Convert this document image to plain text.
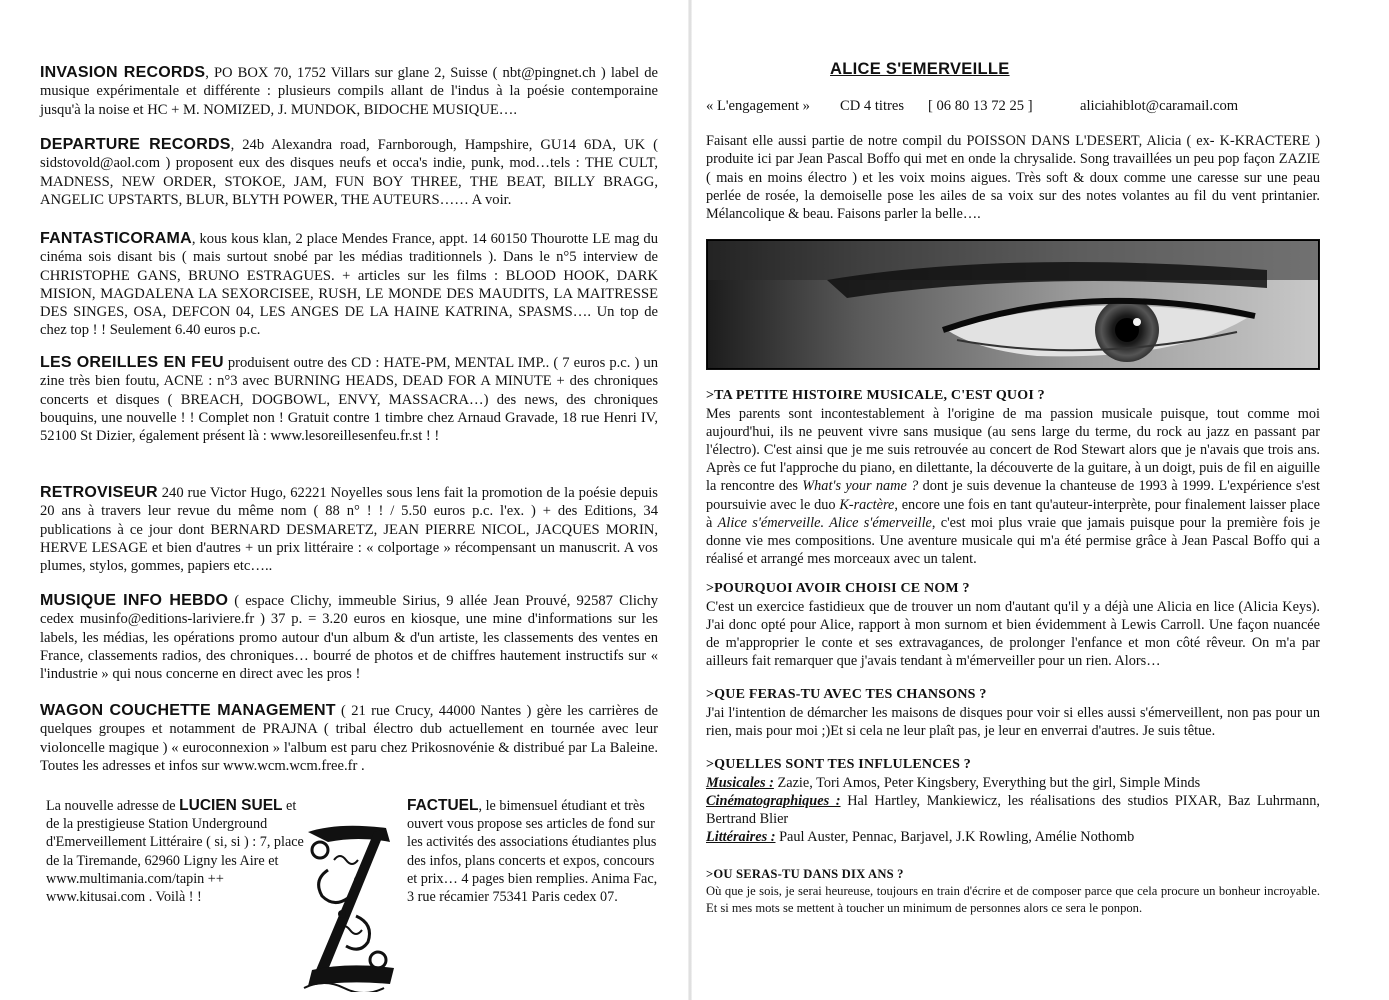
INVASION RECORDS, PO BOX 70, 1752 Villars sur glane 2, Suisse ( nbt@pingnet.ch ) label de musique expérimentale et différente : plusieurs compils allant de l'indus à la poésie contemporaine jusqu'à la noise et HC + M. NOMIZED, J. MUNDOK, BIDOCHE MUSIQUE….
DEPARTURE RECORDS, 24b Alexandra road, Farnborough, Hampshire, GU14 6DA, UK ( sidstovold@aol.com ) proposent eux des disques neufs et occa's indie, punk, mod…tels : THE CULT, MADNESS, NEW ORDER, STOKOE, JAM, FUN BOY THREE, THE BEAT, BILLY BRAGG, ANGELIC UPSTARTS, BLUR, BLYTH POWER, THE AUTEURS…… A voir.
FANTASTICORAMA, kous kous klan, 2 place Mendes France, appt. 14 60150 Thourotte LE mag du cinéma sois disant bis ( mais surtout snobé par les médias traditionnels ). Dans le n°5 interview de CHRISTOPHE GANS, BRUNO ESTRAGUES. + articles sur les films : BLOOD HOOK, DARK MISION, MAGDALENA LA SEXORCISEE, RUSH, LE MONDE DES MAUDITS, LA MAITRESSE DES SINGES, OSA, DEFCON 04, LES ANGES DE LA HAINE KATRINA, SPASMS…. Un top de chez top ! ! Seulement 6.40 euros p.c.
LES OREILLES EN FEU produisent outre des CD : HATE-PM, MENTAL IMP.. ( 7 euros p.c. ) un zine très bien foutu, ACNE : n°3 avec BURNING HEADS, DEAD FOR A MINUTE + des chroniques concerts et disques ( BREACH, DOGBOWL, ENVY, MASSACRA…) des news, des chroniques bouquins, une nouvelle ! ! Complet non ! Gratuit contre 1 timbre chez Arnaud Gravade, 18 rue Henri IV, 52100 St Dizier, également présent là : www.lesoreillesenfeu.fr.st ! !
RETROVISEUR 240 rue Victor Hugo, 62221 Noyelles sous lens fait la promotion de la poésie depuis 20 ans à travers leur revue du même nom ( 88 n° ! ! / 5.50 euros p.c. l'ex. ) + des Editions, 34 publications à ce jour dont BERNARD DESMARETZ, JEAN PIERRE NICOL, JACQUES MORIN, HERVE LESAGE et bien d'autres + un prix littéraire : « colportage » récompensant un manuscrit. A vos plumes, stylos, gommes, papiers etc…..
MUSIQUE INFO HEBDO ( espace Clichy, immeuble Sirius, 9 allée Jean Prouvé, 92587 Clichy cedex musinfo@editions-lariviere.fr ) 37 p. = 3.20 euros en kiosque, une mine d'informations sur les labels, les médias, les opérations promo autour d'un album & d'un artiste, les classements des ventes en France, classements radios, des chroniques… bourré de photos et de chiffres hautement instructifs sur « l'industrie » qui nous concerne en direct avec les pros !
WAGON COUCHETTE MANAGEMENT ( 21 rue Crucy, 44000 Nantes ) gère les carrières de quelques groupes et notamment de PRAJNA ( tribal électro dub actuellement en tournée avec leur violoncelle magique ) « euroconnexion » l'album est paru chez Prikosnovénie & distribué par La Baleine. Toutes les adresses et infos sur www.wcm.wcm.free.fr .
La nouvelle adresse de LUCIEN SUEL et de la prestigieuse Station Underground d'Emerveillement Littéraire ( si, si ) : 7, place de la Tiremande, 62960 Ligny les Aire et www.multimania.com/tapin ++ www.kitusai.com . Voilà ! !
FACTUEL, le bimensuel étudiant et très ouvert vous propose ses articles de fond sur les activités des associations étudiantes plus des infos, plans concerts et expos, concours et prix… 4 pages bien remplies. Anima Fac, 3 rue récamier 75341 Paris cedex 07.
ALICE S'EMERVEILLE
« L'engagement » CD 4 titres [ 06 80 13 72 25 ]	aliciahiblot@caramail.com
Faisant elle aussi partie de notre compil du POISSON DANS L'DESERT, Alicia ( ex- K-KRACTERE ) produite ici par Jean Pascal Boffo qui met en onde la chrysalide. Song travaillées un peu pop façon ZAZIE ( mais en moins électro ) et les voix moins aigues. Très soft & doux comme une caresse sur une peau perlée de rosée, la demoiselle pose les ailes de sa voix sur des notes volantes au fil du vent printanier. Mélancolique & beau. Faisons parler la belle….
>TA PETITE HISTOIRE MUSICALE, C'EST QUOI ?
Mes parents sont incontestablement à l'origine de ma passion musicale puisque, tout comme moi aujourd'hui, ils ne peuvent vivre sans musique (au sens large du terme, du rock au jazz en passant par l'électro). C'est ainsi que je me suis retrouvée au concert de Rod Stewart alors que je n'avais que trois ans. Après ce fut l'approche du piano, en dilettante, la découverte de la guitare, à un doigt, puis de fil en aiguille la rencontre des What's your name ? dont je suis devenue la chanteuse de 1993 à 1999. L'expérience s'est poursuivie avec le duo K-ractère, encore une fois en tant qu'auteur-interprète, pour finalement laisser place à Alice s'émerveille. Alice s'émerveille, c'est moi plus vraie que jamais puisque pour la première fois je donne vie mes compositions. Une aventure musicale qui m'a été permise grâce à Jean Pascal Boffo qui a réalisé et arrangé mes morceaux avec un talent.
>POURQUOI AVOIR CHOISI CE NOM ?
C'est un exercice fastidieux que de trouver un nom d'autant qu'il y a déjà une Alicia en lice (Alicia Keys). J'ai donc opté pour Alice, rapport à mon surnom et bien évidemment à Lewis Carroll. Une façon nuancée de m'approprier le conte et ses extravagances, de prolonger l'enfance et mon côté rêveur. On m'a par ailleurs fait remarquer que j'avais tendant à m'émerveiller pour un rien. Alors…
>QUE FERAS-TU AVEC TES CHANSONS ?
J'ai l'intention de démarcher les maisons de disques pour voir si elles aussi s'émerveillent, non pas pour un rien, mais pour moi ;)Et si cela ne leur plaît pas, je leur en enverrai d'autres. Je suis têtue.
>QUELLES SONT TES INFLULENCES ?
Musicales : Zazie, Tori Amos, Peter Kingsbery, Everything but the girl, Simple Minds
Cinématographiques : Hal Hartley, Mankiewicz, les réalisations des studios PIXAR, Baz Luhrmann, Bertrand Blier
Littéraires : Paul Auster, Pennac, Barjavel, J.K Rowling, Amélie Nothomb
>OU SERAS-TU DANS DIX ANS ?
Où que je sois, je serai heureuse, toujours en train d'écrire et de composer parce que cela procure un bonheur incroyable. Et si mes mots se mettent à toucher un minimum de personnes alors ce sera le ponpon.
